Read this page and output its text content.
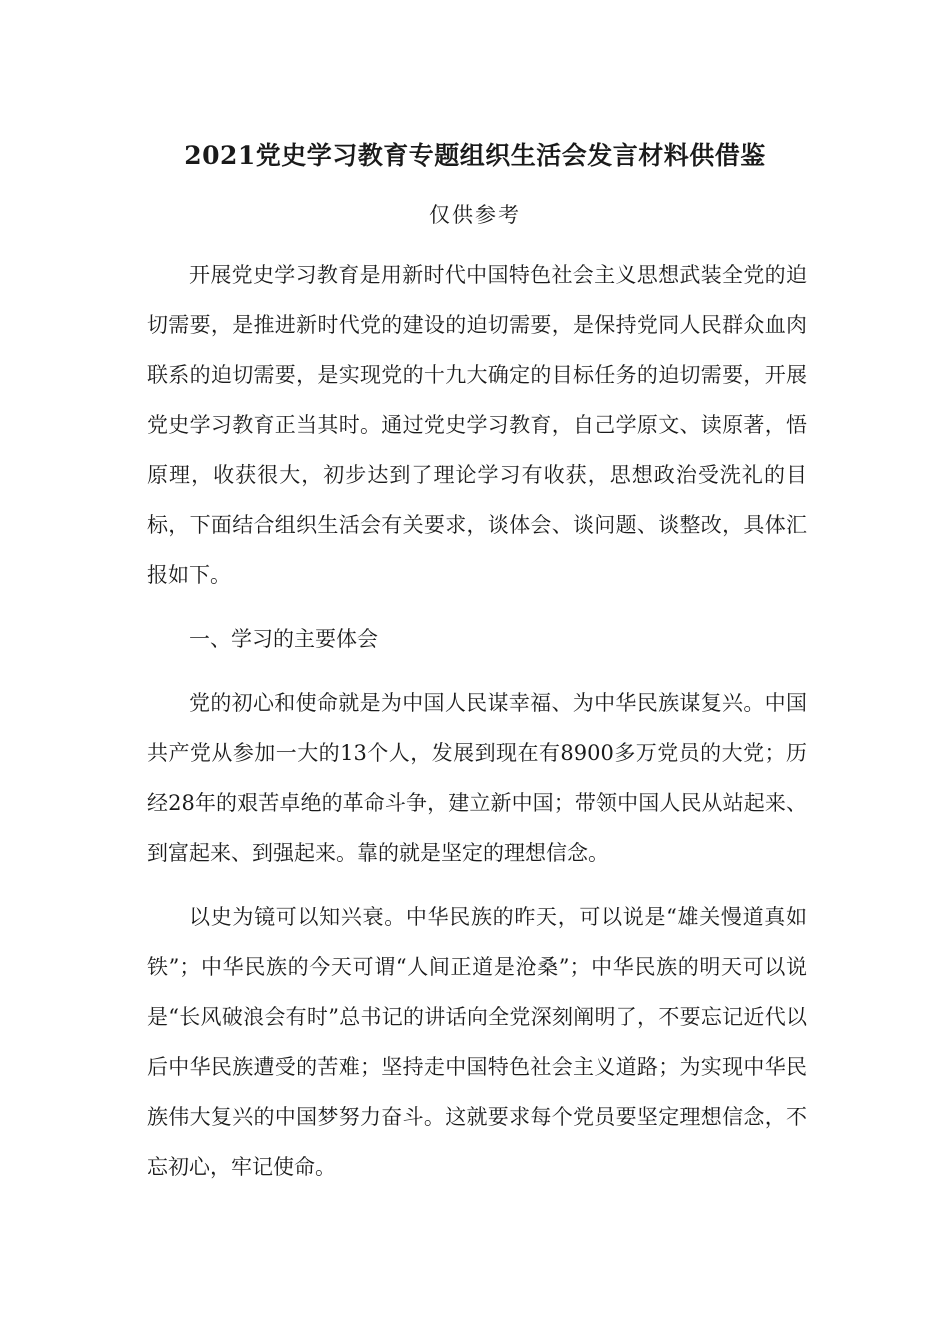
2021党史学习教育专题组织生活会发言材料供借鉴
仅供参考

开展党史学习教育是用新时代中国特色社会主义思想武装全党的迫切需要，是推进新时代党的建设的迫切需要，是保持党同人民群众血肉联系的迫切需要，是实现党的十九大确定的目标任务的迫切需要，开展党史学习教育正当其时。通过党史学习教育，自己学原文、读原著，悟原理，收获很大，初步达到了理论学习有收获，思想政治受洗礼的目标，下面结合组织生活会有关要求，谈体会、谈问题、谈整改，具体汇报如下。

一、学习的主要体会

党的初心和使命就是为中国人民谋幸福、为中华民族谋复兴。中国共产党从参加一大的13个人，发展到现在有8900多万党员的大党；历经28年的艰苦卓绝的革命斗争，建立新中国；带领中国人民从站起来、到富起来、到强起来。靠的就是坚定的理想信念。

以史为镜可以知兴衰。中华民族的昨天，可以说是“雄关慢道真如铁”；中华民族的今天可谓“人间正道是沧桑”；中华民族的明天可以说是“长风破浪会有时”总书记的讲话向全党深刻阐明了，不要忘记近代以后中华民族遭受的苦难；坚持走中国特色社会主义道路；为实现中华民族伟大复兴的中国梦努力奋斗。这就要求每个党员要坚定理想信念，不忘初心，牢记使命。
